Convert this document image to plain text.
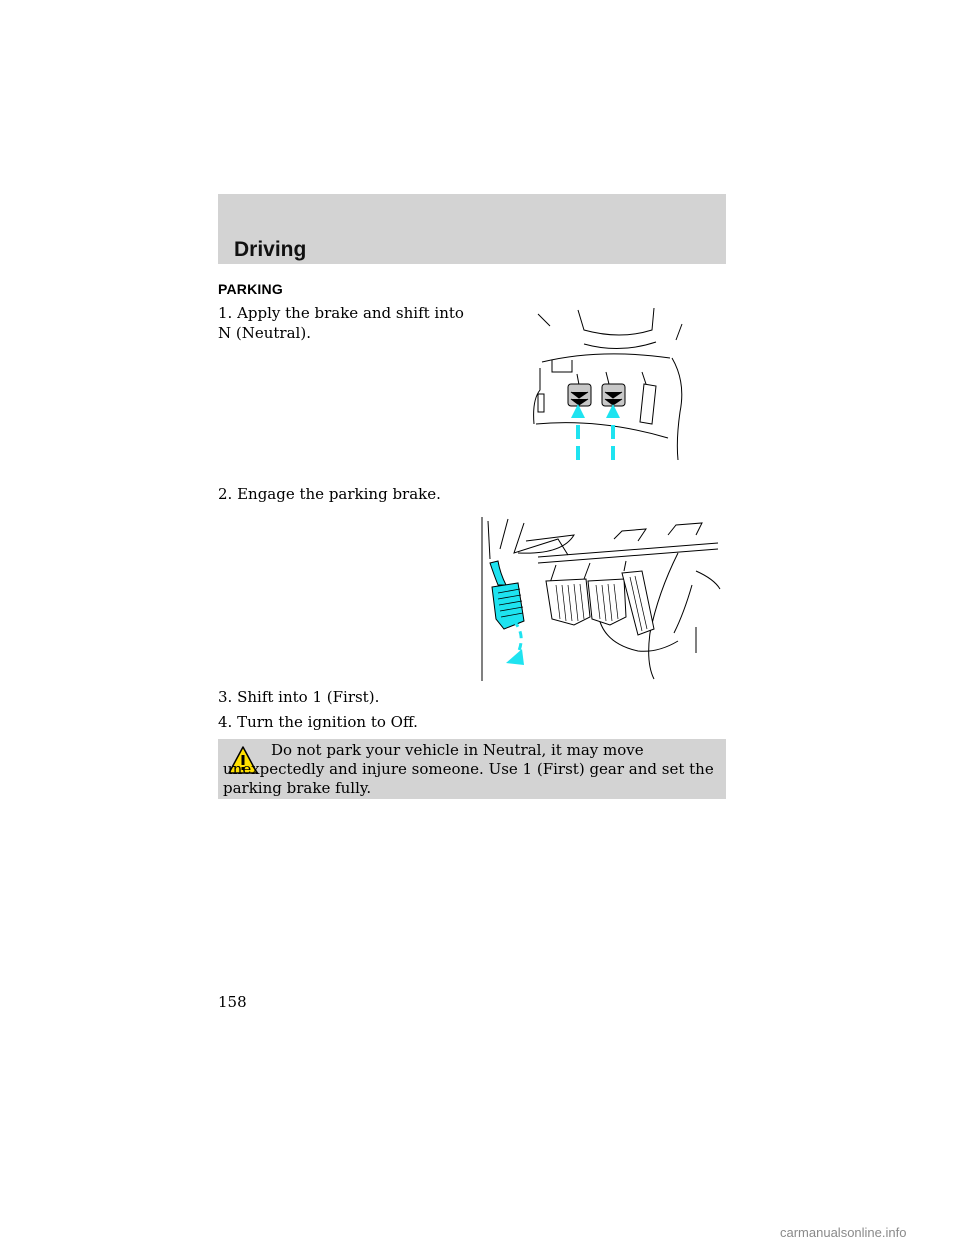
Driving
PARKING
1. Apply the brake and shift into N (Neutral).
2. Engage the parking brake.
3. Shift into 1 (First).
4. Turn the ignition to Off.
Do not park your vehicle in Neutral, it may move unexpectedly and injure someone. Use 1 (First) gear and set the parking brake fully.
158
carmanualsonline.info
